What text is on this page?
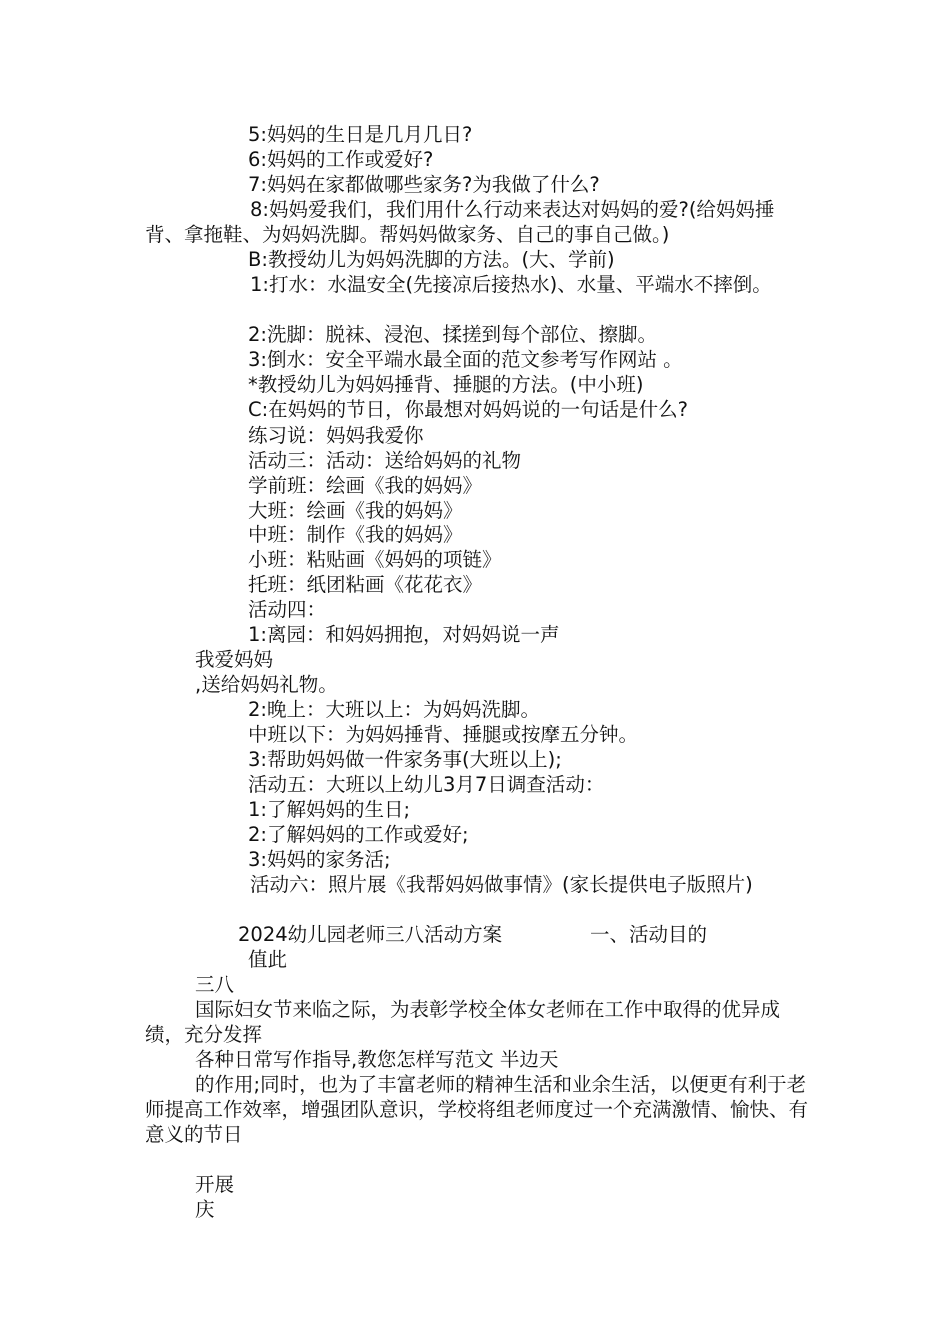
5:妈妈的生日是几月几日?
6:妈妈的工作或爱好?
7:妈妈在家都做哪些家务?为我做了什么?
8:妈妈爱我们，我们用什么行动来表达对妈妈的爱?(给妈妈捶背、拿拖鞋、为妈妈洗脚。帮妈妈做家务、自己的事自己做。)
B:教授幼儿为妈妈洗脚的方法。(大、学前)
1:打水：水温安全(先接凉后接热水)、水量、平端水不摔倒。
2:洗脚：脱袜、浸泡、揉搓到每个部位、擦脚。
3:倒水：安全平端水最全面的范文参考写作网站 。
*教授幼儿为妈妈捶背、捶腿的方法。(中小班)
C:在妈妈的节日，你最想对妈妈说的一句话是什么?
练习说：妈妈我爱你
活动三：活动：送给妈妈的礼物
学前班：绘画《我的妈妈》
大班：绘画《我的妈妈》
中班：制作《我的妈妈》
小班：粘贴画《妈妈的项链》
托班：纸团粘画《花花衣》
活动四：
1:离园：和妈妈拥抱，对妈妈说一声
我爱妈妈
,送给妈妈礼物。
2:晚上：大班以上：为妈妈洗脚。
中班以下：为妈妈捶背、捶腿或按摩五分钟。
3:帮助妈妈做一件家务事(大班以上);
活动五：大班以上幼儿3月7日调查活动：
1:了解妈妈的生日;
2:了解妈妈的工作或爱好;
3:妈妈的家务活;
活动六：照片展《我帮妈妈做事情》(家长提供电子版照片)
2024幼儿园老师三八活动方案	一、活动目的
值此
三八
国际妇女节来临之际，为表彰学校全体女老师在工作中取得的优异成绩，充分发挥
各种日常写作指导,教您怎样写范文 半边天
的作用;同时，也为了丰富老师的精神生活和业余生活，以便更有利于老师提高工作效率，增强团队意识，学校将组老师度过一个充满激情、愉快、有意义的节日
开展
庆
